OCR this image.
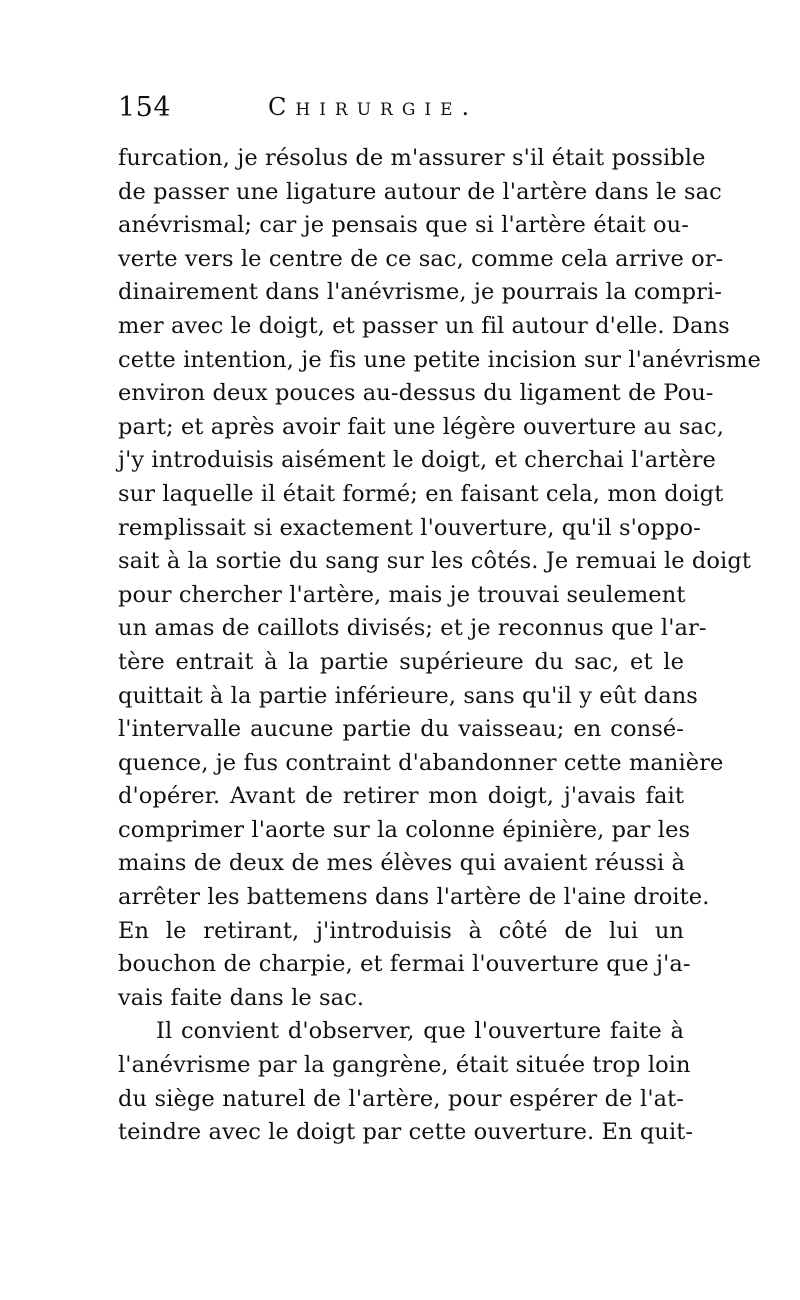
154	Chirurgie.
furcation, je résolus de m'assurer s'il était possible
de passer une ligature autour de l'artère dans le sac
anévrismal; car je pensais que si l'artère était ou-
verte vers le centre de ce sac, comme cela arrive or-
dinairement dans l'anévrisme, je pourrais la compri-
mer avec le doigt, et passer un fil autour d'elle. Dans
cette intention, je fis une petite incision sur l'anévrisme
environ deux pouces au-dessus du ligament de Pou-
part; et après avoir fait une légère ouverture au sac,
j'y introduisis aisément le doigt, et cherchai l'artère
sur laquelle il était formé; en faisant cela, mon doigt
remplissait si exactement l'ouverture, qu'il s'oppo-
sait à la sortie du sang sur les côtés. Je remuai le doigt
pour chercher l'artère, mais je trouvai seulement
un amas de caillots divisés; et je reconnus que l'ar-
tère entrait à la partie supérieure du sac, et le
quittait à la partie inférieure, sans qu'il y eût dans
l'intervalle aucune partie du vaisseau; en consé-
quence, je fus contraint d'abandonner cette manière
d'opérer. Avant de retirer mon doigt, j'avais fait
comprimer l'aorte sur la colonne épinière, par les
mains de deux de mes élèves qui avaient réussi à
arrêter les battemens dans l'artère de l'aine droite.
En le retirant, j'introduisis à côté de lui un
bouchon de charpie, et fermai l'ouverture que j'a-
vais faite dans le sac.
Il convient d'observer, que l'ouverture faite à
l'anévrisme par la gangrène, était située trop loin
du siège naturel de l'artère, pour espérer de l'at-
teindre avec le doigt par cette ouverture. En quit-
